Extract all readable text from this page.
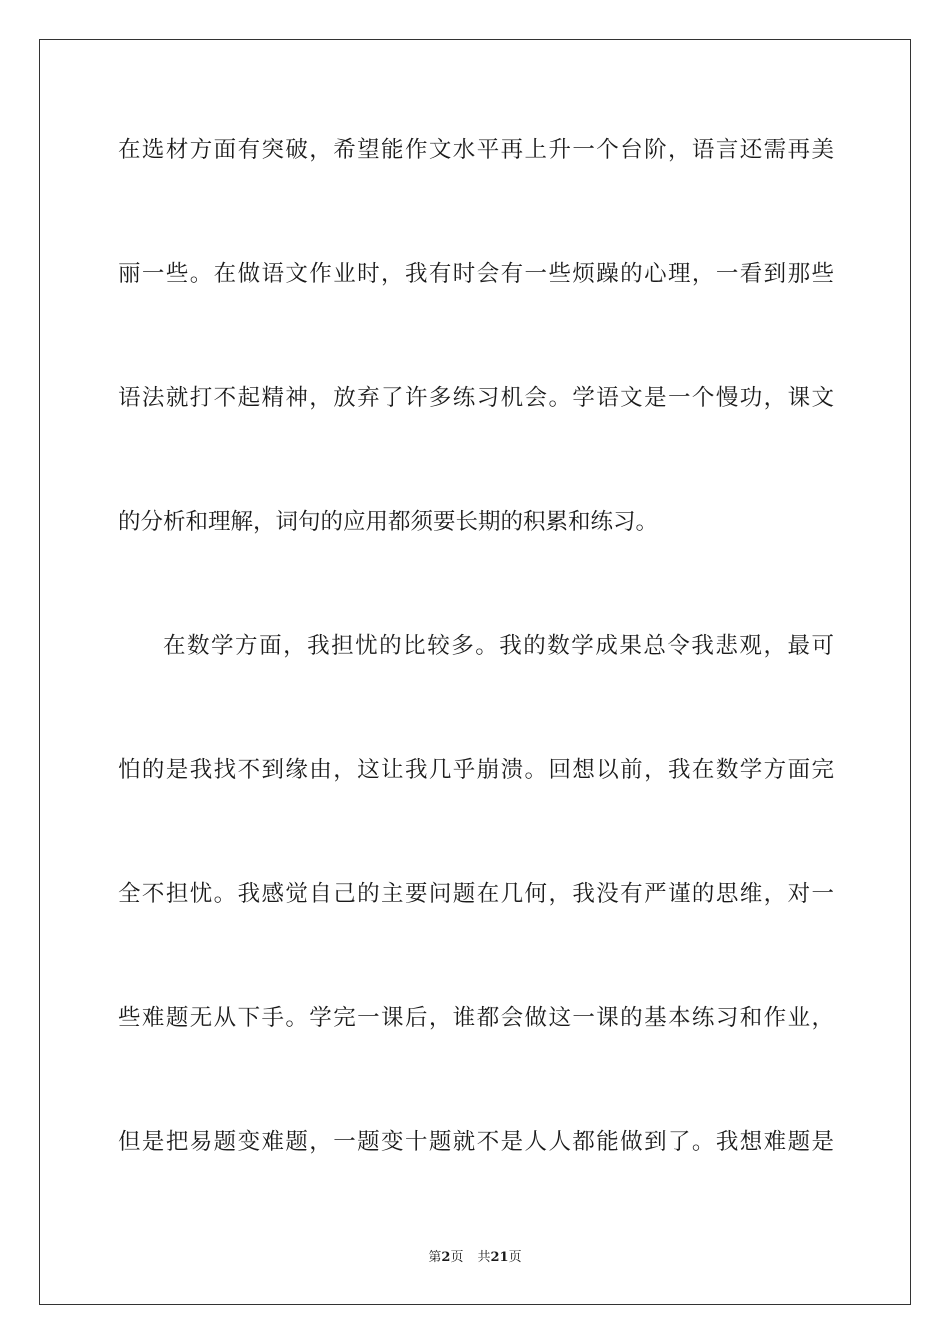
在选材方面有突破，希望能作文水平再上升一个台阶，语言还需再美
丽一些。在做语文作业时，我有时会有一些烦躁的心理，一看到那些
语法就打不起精神，放弃了许多练习机会。学语文是一个慢功，课文
的分析和理解，词句的应用都须要长期的积累和练习。
在数学方面，我担忧的比较多。我的数学成果总令我悲观，最可
怕的是我找不到缘由，这让我几乎崩溃。回想以前，我在数学方面完
全不担忧。我感觉自己的主要问题在几何，我没有严谨的思维，对一
些难题无从下手。学完一课后，谁都会做这一课的基本练习和作业，
但是把易题变难题，一题变十题就不是人人都能做到了。我想难题是
第2页 共21页
